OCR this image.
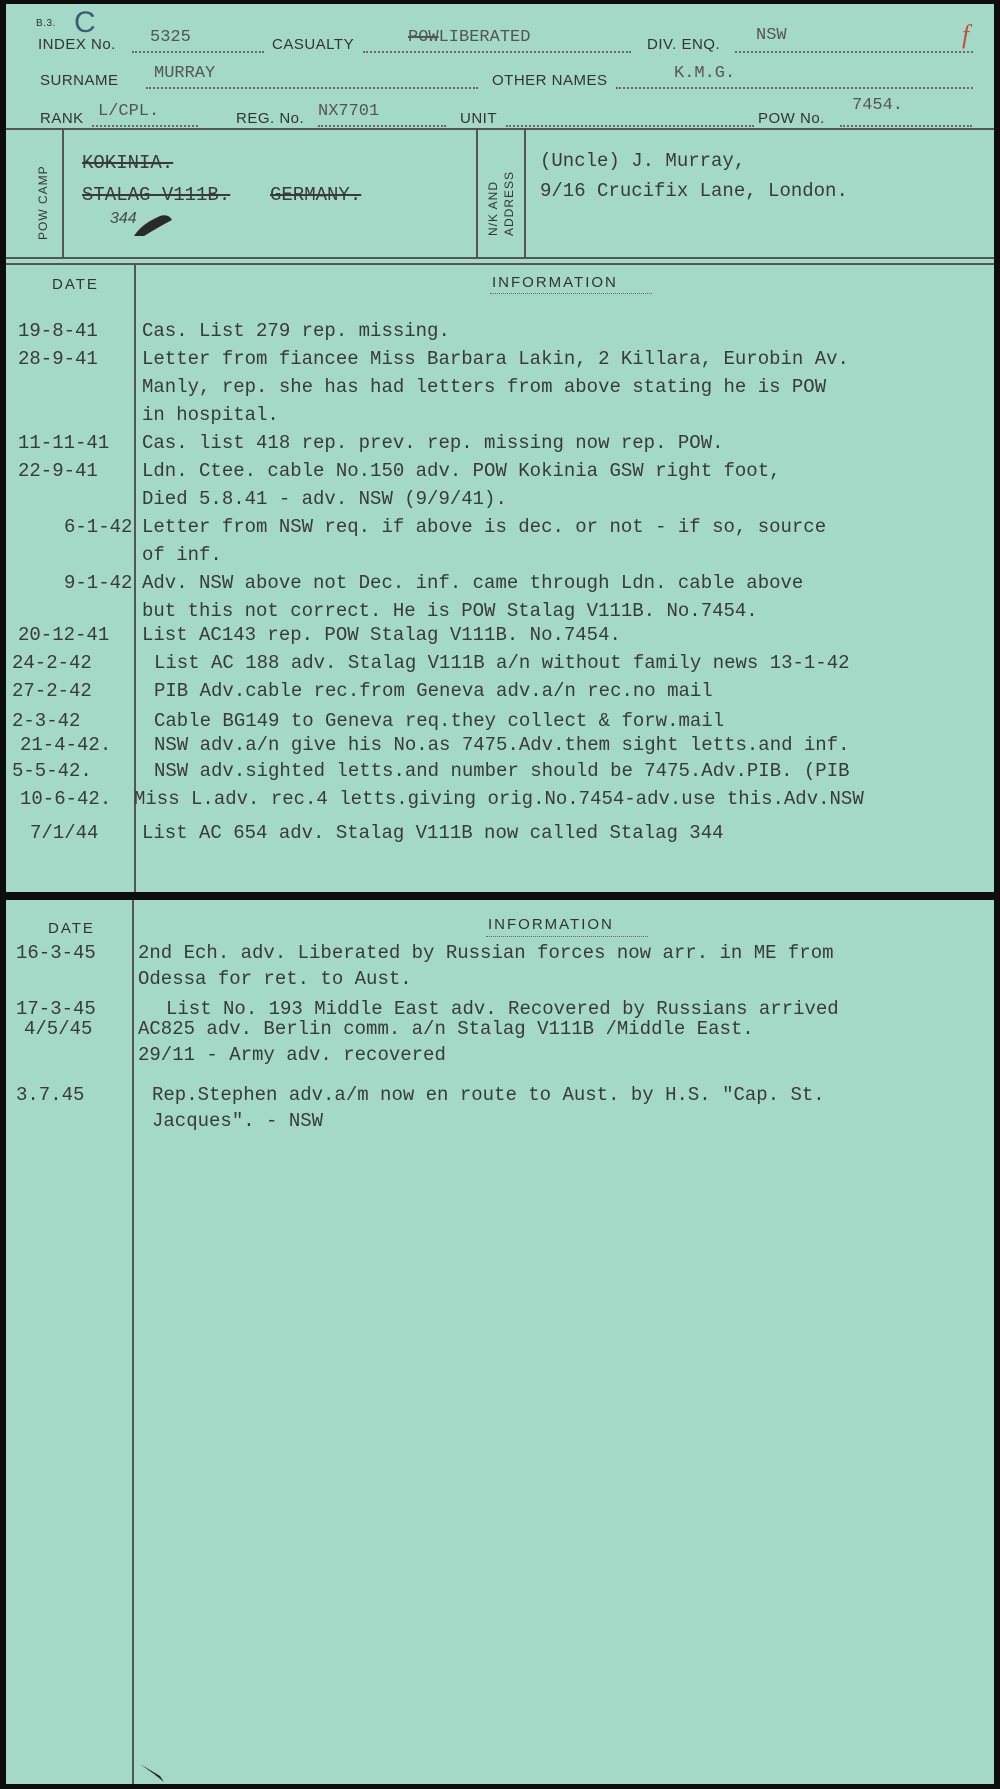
B.3. C	f
INDEX No. 5325	CASUALTY	POWLIBERATED	DIV. ENQ. NSW
SURNAME MURRAY	OTHER NAMES	K.M.G.
RANK L/CPL.	REG. No. NX7701	UNIT	POW No.
7454.
POW CAMP
KOKINIA.
STALAG V111B. GERMANY.
344	N/K AND ADDRESS
(Uncle) J. Murray,
9/16 Crucifix Lane, London.
DATE	INFORMATION
19-8-41 Cas. List 279 rep. missing.
28-9-41 Letter from fiancee Miss Barbara Lakin, 2 Killara, Eurobin Av.
Manly, rep. she has had letters from above stating he is POW
in hospital.
11-11-41 Cas. list 418 rep. prev. rep. missing now rep. POW.
22-9-41 Ldn. Ctee. cable No.150 adv. POW Kokinia GSW right foot,
Died 5.8.41 - adv. NSW (9/9/41).
6-1-42 Letter from NSW req. if above is dec. or not - if so, source
of inf.
9-1-42 Adv. NSW above not Dec. inf. came through Ldn. cable above
but this not correct. He is POW Stalag V111B. No.7454.
20-12-41 List AC143 rep. POW Stalag V111B. No.7454.
24-2-42	List AC 188 adv. Stalag V111B a/n without family news 13-1-42
27-2-42	PIB Adv.cable rec.from Geneva adv.a/n rec.no mail
2-3-42	Cable BG149 to Geneva req.they collect & forw.mail
21-4-42. NSW adv.a/n give his No.as 7475.Adv.them sight letts.and inf.
5-5-42.	NSW adv.sighted letts.and number should be 7475.Adv.PIB. (PIB
10-6-42. Miss L.adv. rec.4 letts.giving orig.No.7454-adv.use this.Adv.NSW
7/1/44 List AC 654 adv. Stalag V111B now called Stalag 344
DATE	INFORMATION
16-3-45 2nd Ech. adv. Liberated by Russian forces now arr. in ME from
Odessa for ret. to Aust.
17-3-45	List No. 193 Middle East adv. Recovered by Russians arrived
4/5/45 AC825 adv. Berlin comm. a/n Stalag V111B /Middle East.
29/11 - Army adv. recovered
3.7.45	Rep.Stephen adv.a/m now en route to Aust. by H.S. "Cap. St.
Jacques". - NSW
